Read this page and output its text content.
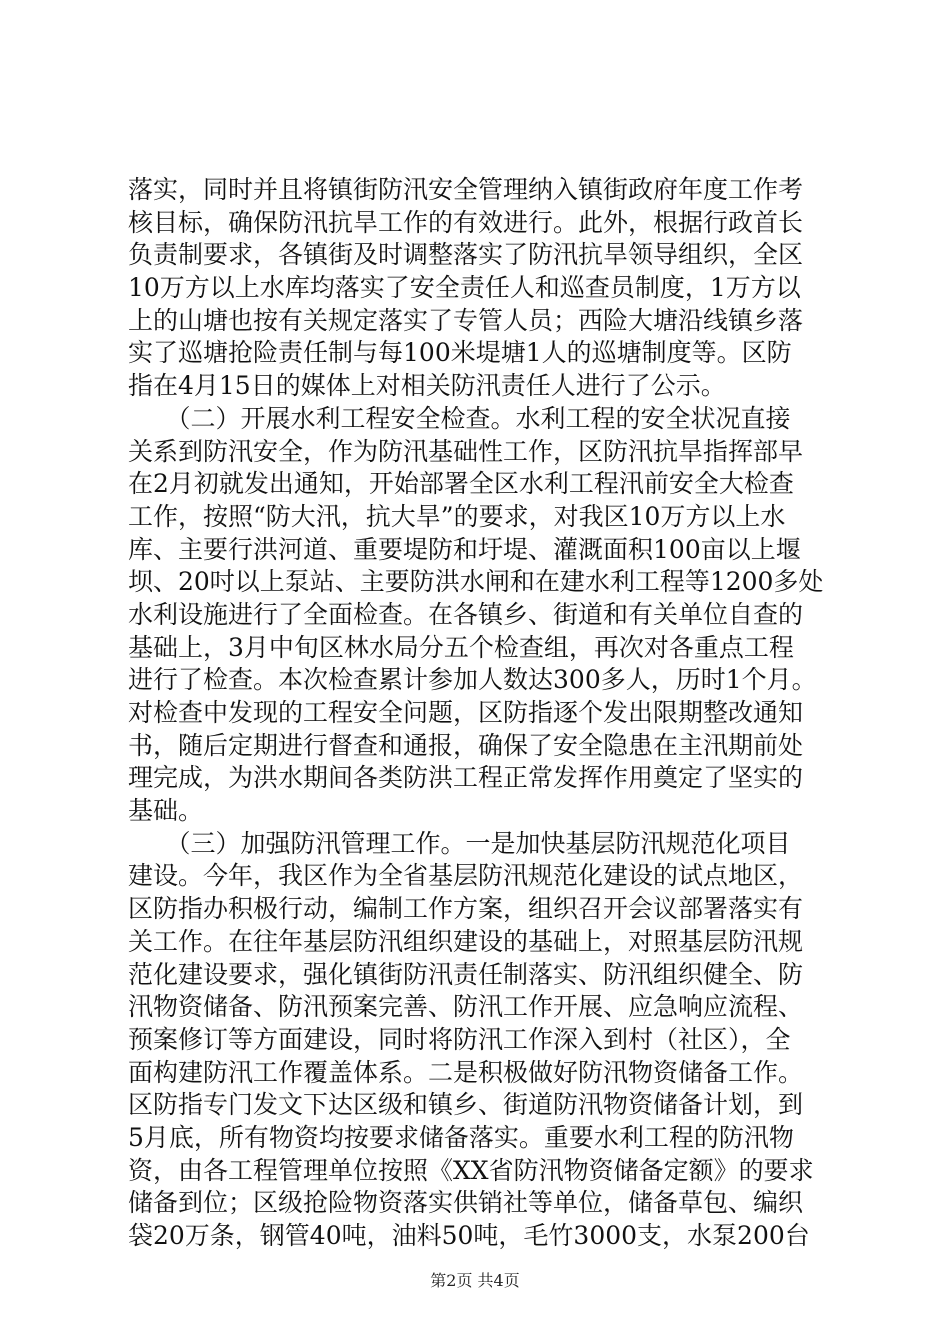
落实，同时并且将镇街防汛安全管理纳入镇街政府年度工作考
核目标，确保防汛抗旱工作的有效进行。此外，根据行政首长
负责制要求，各镇街及时调整落实了防汛抗旱领导组织，全区
10万方以上水库均落实了安全责任人和巡查员制度，1万方以
上的山塘也按有关规定落实了专管人员；西险大塘沿线镇乡落
实了巡塘抢险责任制与每100米堤塘1人的巡塘制度等。区防
指在4月15日的媒体上对相关防汛责任人进行了公示。
　　（二）开展水利工程安全检查。水利工程的安全状况直接
关系到防汛安全，作为防汛基础性工作，区防汛抗旱指挥部早
在2月初就发出通知，开始部署全区水利工程汛前安全大检查
工作，按照“防大汛，抗大旱”的要求，对我区10万方以上水
库、主要行洪河道、重要堤防和圩堤、灌溉面积100亩以上堰
坝、20吋以上泵站、主要防洪水闸和在建水利工程等1200多处
水利设施进行了全面检查。在各镇乡、街道和有关单位自查的
基础上，3月中旬区林水局分五个检查组，再次对各重点工程
进行了检查。本次检查累计参加人数达300多人，历时1个月。
对检查中发现的工程安全问题，区防指逐个发出限期整改通知
书，随后定期进行督查和通报，确保了安全隐患在主汛期前处
理完成，为洪水期间各类防洪工程正常发挥作用奠定了坚实的
基础。
　　（三）加强防汛管理工作。一是加快基层防汛规范化项目
建设。今年，我区作为全省基层防汛规范化建设的试点地区，
区防指办积极行动，编制工作方案，组织召开会议部署落实有
关工作。在往年基层防汛组织建设的基础上，对照基层防汛规
范化建设要求，强化镇街防汛责任制落实、防汛组织健全、防
汛物资储备、防汛预案完善、防汛工作开展、应急响应流程、
预案修订等方面建设，同时将防汛工作深入到村（社区），全
面构建防汛工作覆盖体系。二是积极做好防汛物资储备工作。
区防指专门发文下达区级和镇乡、街道防汛物资储备计划，到
5月底，所有物资均按要求储备落实。重要水利工程的防汛物
资，由各工程管理单位按照《XX省防汛物资储备定额》的要求
储备到位；区级抢险物资落实供销社等单位，储备草包、编织
袋20万条，钢管40吨，油料50吨，毛竹3000支，水泵200台
第2页 共4页
